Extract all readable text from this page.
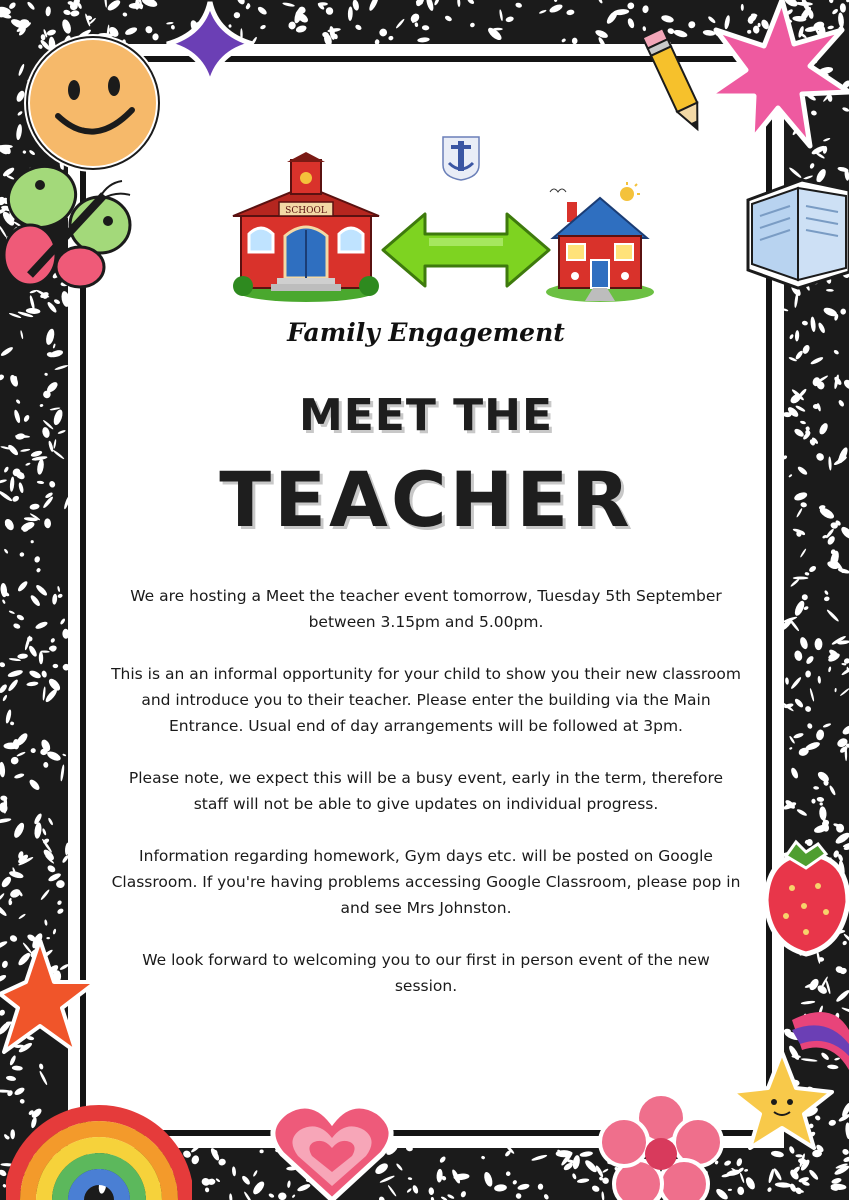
SCHOOL
Family Engagement
MEET THE
TEACHER

We are hosting a Meet the teacher event tomorrow, Tuesday 5th September between 3.15pm and 5.00pm.

This is an an informal opportunity for your child to show you their new classroom and introduce you to their teacher. Please enter the building via the Main Entrance. Usual end of day arrangements will be followed at 3pm.

Please note, we expect this will be a busy event, early in the term, therefore staff will not be able to give updates on individual progress.

Information regarding homework, Gym days etc. will be posted on Google Classroom. If you're having problems accessing Google Classroom, please pop in and see Mrs Johnston.

We look forward to welcoming you to our first in person event of the new session.
